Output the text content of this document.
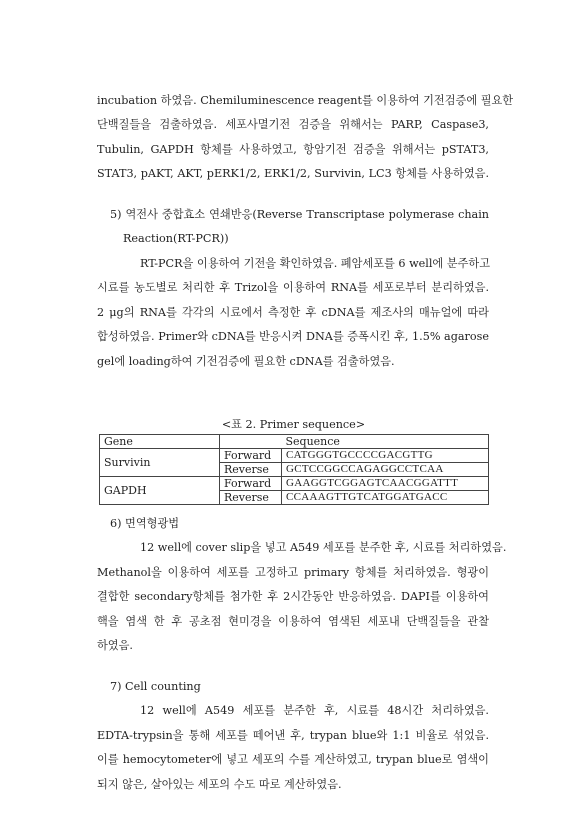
incubation 하였음. Chemiluminescence reagent를 이용하여 기전검증에 필요한
단백질들을 검출하였음. 세포사멸기전 검증을 위해서는 PARP, Caspase3,
Tubulin, GAPDH 항체를 사용하였고, 항암기전 검증을 위해서는 pSTAT3,
STAT3, pAKT, AKT, pERK1/2, ERK1/2, Survivin, LC3 항체를 사용하였음.
5) 역전사 중합효소 연쇄반응(Reverse Transcriptase polymerase chain
Reaction(RT-PCR))
RT-PCR을 이용하여 기전을 확인하였음. 폐암세포를 6 well에 분주하고
시료를 농도별로 처리한 후 Trizol을 이용하여 RNA를 세포로부터 분리하였음.
2 μg의 RNA를 각각의 시료에서 측정한 후 cDNA를 제조사의 매뉴얼에 따라
합성하였음. Primer와 cDNA를 반응시켜 DNA를 증폭시킨 후, 1.5% agarose
gel에 loading하여 기전검증에 필요한 cDNA를 검출하였음.
<표 2. Primer sequence>
Gene		Sequence
Survivin	Forward	CATGGGTGCCCCGACGTTG
	Reverse	GCTCCGGCCAGAGGCCTCAA
GAPDH	Forward	GAAGGTCGGAGTCAACGGATTT
	Reverse	CCAAAGTTGTCATGGATGACC
6) 면역형광법
12 well에 cover slip을 넣고 A549 세포를 분주한 후, 시료를 처리하였음.
Methanol을 이용하여 세포를 고정하고 primary 항체를 처리하였음. 형광이
결합한 secondary항체를 첨가한 후 2시간동안 반응하였음. DAPI를 이용하여
핵을 염색 한 후 공초점 현미경을 이용하여 염색된 세포내 단백질들을 관찰
하였음.
7) Cell counting
12 well에 A549 세포를 분주한 후, 시료를 48시간 처리하였음.
EDTA-trypsin을 통해 세포를 떼어낸 후, trypan blue와 1:1 비율로 섞었음.
이를 hemocytometer에 넣고 세포의 수를 계산하였고, trypan blue로 염색이
되지 않은, 살아있는 세포의 수도 따로 계산하였음.
